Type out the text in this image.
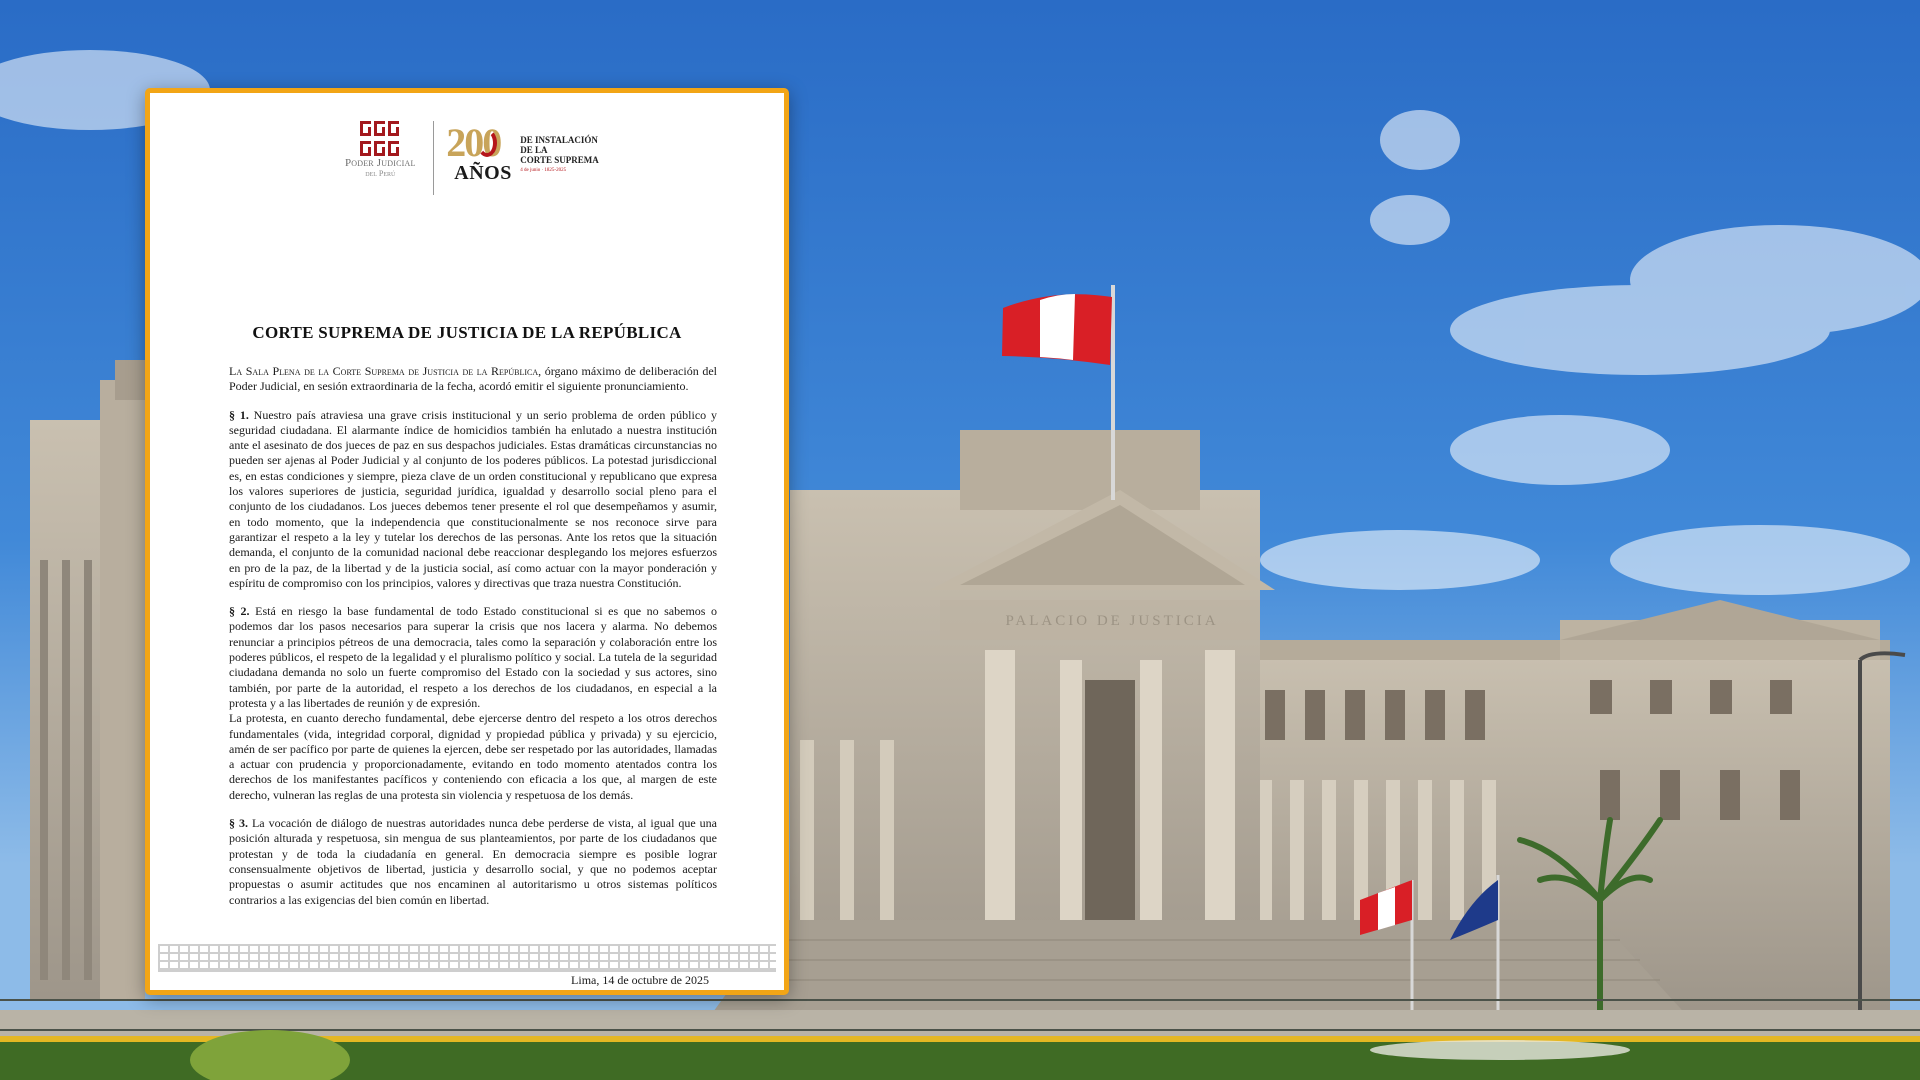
Poder Judicial
del Perú
200
AÑOS
DE INSTALACIÓN
DE LA
CORTE SUPREMA
4 de junio · 1825-2025
CORTE SUPREMA DE JUSTICIA DE LA REPÚBLICA

La Sala Plena de la Corte Suprema de Justicia de la República, órgano máximo de deliberación del Poder Judicial, en sesión extraordinaria de la fecha, acordó emitir el siguiente pronunciamiento.

§ 1. Nuestro país atraviesa una grave crisis institucional y un serio problema de orden público y seguridad ciudadana. El alarmante índice de homicidios también ha enlutado a nuestra institución ante el asesinato de dos jueces de paz en sus despachos judiciales. Estas dramáticas circunstancias no pueden ser ajenas al Poder Judicial y al conjunto de los poderes públicos. La potestad jurisdiccional es, en estas condiciones y siempre, pieza clave de un orden constitucional y republicano que expresa los valores superiores de justicia, seguridad jurídica, igualdad y desarrollo social pleno para el conjunto de los ciudadanos. Los jueces debemos tener presente el rol que desempeñamos y asumir, en todo momento, que la independencia que constitucionalmente se nos reconoce sirve para garantizar el respeto a la ley y tutelar los derechos de las personas. Ante los retos que la situación demanda, el conjunto de la comunidad nacional debe reaccionar desplegando los mejores esfuerzos en pro de la paz, de la libertad y de la justicia social, así como actuar con la mayor ponderación y espíritu de compromiso con los principios, valores y directivas que traza nuestra Constitución.

§ 2. Está en riesgo la base fundamental de todo Estado constitucional si es que no sabemos o podemos dar los pasos necesarios para superar la crisis que nos lacera y alarma. No debemos renunciar a principios pétreos de una democracia, tales como la separación y colaboración entre los poderes públicos, el respeto de la legalidad y el pluralismo político y social. La tutela de la seguridad ciudadana demanda no solo un fuerte compromiso del Estado con la sociedad y sus actores, sino también, por parte de la autoridad, el respeto a los derechos de los ciudadanos, en especial a la protesta y a las libertades de reunión y de expresión.

La protesta, en cuanto derecho fundamental, debe ejercerse dentro del respeto a los otros derechos fundamentales (vida, integridad corporal, dignidad y propiedad pública y privada) y su ejercicio, amén de ser pacífico por parte de quienes la ejercen, debe ser respetado por las autoridades, llamadas a actuar con prudencia y proporcionadamente, evitando en todo momento atentados contra los derechos de los manifestantes pacíficos y conteniendo con eficacia a los que, al margen de este derecho, vulneran las reglas de una protesta sin violencia y respetuosa de los demás.

§ 3. La vocación de diálogo de nuestras autoridades nunca debe perderse de vista, al igual que una posición alturada y respetuosa, sin mengua de sus planteamientos, por parte de los ciudadanos que protestan y de toda la ciudadanía en general. En democracia siempre es posible lograr consensualmente objetivos de libertad, justicia y desarrollo social, y que no podemos aceptar propuestas o asumir actitudes que nos encaminen al autoritarismo u otros sistemas políticos contrarios a las exigencias del bien común en libertad.

Lima, 14 de octubre de 2025
